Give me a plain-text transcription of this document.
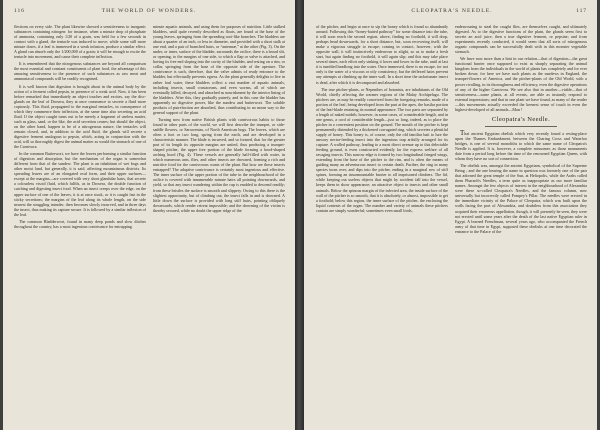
116	THE WORLD OF WONDERS.

flections on every side. The plant likewise showed a sensitiveness to inorganic substances containing nitrogen: for instance, when a minute drop of phosphate of ammonia, containing only 1/20 of a grain, was held for a few seconds in contact with a gland, the tentacle was induced to move; while some still more minute doses, if a leaf is immersed in a weak infusion, produce a similar effect. A gland can absorb only the 1/200,000 of a grain; it will be enough to excite the tentacle into movement, and cause their complete inflection.

It is remembered that the nitrogenous substances are beyond all comparison the most essential and constant constituents of plant food, the advantage of this amazing sensitiveness to the presence of such substances as raw meat and ammoniacal compounds will be readily recognised.

It is well known that digestion is brought about in the animal body by the action of a ferment called pepsin, in presence of a weak acid. Now, it has been before remarked that immediately an object touches and excites, say the disc-glands on the leaf of Drosera, they at once commence to secrete a fluid more copiously. This fluid, propagated to the marginal tentacles, in consequence of which they commence their inflection, at the same time also secreting an acid fluid. If the object caught turns out to be merely a fragment of useless matter, such as glass, sand, or the like, the acid secretion ceases; but should the object, on the other hand, happen to be of a nitrogenous nature, the tentacles will remain closed, and, in addition to the acid fluid, the glands will secrete a digestive ferment analogous to pepsin, which, acting in conjunction with the acid, will so thoroughly digest the animal matter as would the stomach of one of the Carnivora.

In the common Butterwort, we have the leaves performing a similar function of digestion and absorption, but the mechanism of the organ is somewhat different from that of the sundew. The plant is an inhabitant of wet bogs and other moist land, but generally, it is said, affecting mountainous districts. Its spreading leaves are of an elongated oval form, and their upper surfaces—except at the margins—are covered with very short glandular hairs, that secrete a colourless viscid fluid, which fulfils, as in Drosera, the double function of catching and digesting insect food. When an insect creeps over the edge, on the upper surface of one of the leaves, it is at once stuck, or it is caught fast in the sticky secretions; the margins of the leaf along its whole length, on the side nearest the struggling intruder, then becomes slowly incurved, and in three days the insect, thus making its capture secure. It is followed by a similar inflexion of the leaf.

The common Bladderwort, found in many deep ponds and slow ditches throughout the country, has a most ingenious contrivance for entrapping

minute aquatic animals, and using them for purposes of nutrition. Little stalked bladders, until quite recently described as floats, are found at the base of the young leaves, springing from the spreading root-like branches. The bladders are about a quarter of an inch, or less in diameter, and provided with a short stalk at one end, and a pair of branched hairs, or “antennæ,” at the other (Fig. 3). On the under, or inner, surface of the bladder, surrounds the orifice, there is a broad slit, or opening, to the margins of one side, to which a flap or valve is attached, and having its free end sloping into the cavity of the bladder, and resting on a rim, or collar, springing from the base of the opposite side of the aperture. The contrivance is such, therefore, that the valve admits of ready entrance to the bladder, but effectually prevents egress. As the plant generally delights to live in rather foul water, these bladders collect a vast number of aquatic animals, including insects, small crustaceans, and even worms, all of which are eventually killed, decayed, and absorbed as nourishment by the interior lining of the bladders. After this, they gradually putrefy, and in this case the bladder has apparently no digestive power, like the sundew and butterwort. The soluble products of putrefaction are absorbed, thus contributing in no mean way to the general support of the plant.

Turning now from native British plants with carnivorous habits to those found in other parts of the world, we will first describe the trumpet, or side-saddle flowers, or Sarracenias, of North American bogs. The leaves, which are often a foot or two long, spring from the earth, and are developed in a characteristic manner. The blade is incurved, and so formed, that for the greater part of its length its opposite margins are united, thus producing a trumpet-shaped pitcher, the upper free portion of the blade forming a hood-shaped arching hood (Fig. 4). These vessels are generally half-filled with water, in which numerous ants, flies, and other insects are drowned, forming a rich and nutritive food for the carnivorous wants of the plant. But how are these insects entrapped? The adaptive contrivance is certainly most ingenious and effective. The inner surface of the upper portion of the tube in the neighbourhood of the orifice is covered with innumerable minute hairs all pointing downwards, and yield, so that any insect wandering within the cup is enabled to descend readily; from these bristles the surface is smooth and slippery. Owing to this there is the slightest opportunity, but of climbing out, the insect falls in and is drowned. A little down the surface is provided with long stiff hairs, pointing obliquely downwards, which render retreat impossible; and the drowning of the victim is thereby secured, while no doubt the upper ridge of the

CLEOPATRA'S NEEDLE.	117

of the pitcher, and begin at once to sip the honey which is found so abundantly around. Following this “honey-baited pathway” for some distance into the tube, it will soon reach the second region, above, finding no foothold, it will drop, perhaps head downwards, for a short distance, but, soon recovering itself, will make a vigorous struggle to escape; coming in contact, however, with the opposite wall, it will instinctively endeavour to alight, so as to make a fresh start, but again finding no foothold, it will again slip; and this may take place several times, each effort only sinking it lower and lower in the tube, until at last it is tumbled headlong into the water. Once immersed, there is no escape, for not only is the water of a viscous or oily consistency, but the deflexed hairs prevent any attempts at climbing up the inner wall. In a short time the unfortunate insect is dead, after which it is decomposed and absorbed.

The true pitcher-plants, or Nepenthes of botanists, are inhabitants of the Old World, chiefly affecting the warmer regions of the Malay Archipelago. The pitchers are, as may be readily conceived from the foregoing remarks, made of a portion of the leaf, being developed from the part at the apex, the basilar portion of the leaf-blade retaining its normal appearance. The two parts are separated by a length of naked midrib, however, in some cases, of considerable length, and in one genus, a cord of considerable length—just so long, indeed, as to place the pitcher in a convenient position on the ground. The mouth of the pitcher is kept permanently distended by a thickened corrugated ring, which secretes a plentiful supply of honey. This honey is, of course, only the old familiar bait to lure the unwary nectar-feeding insect into the ingenious trap artfully arranged for its capture. A walled pathway, leading to a most direct avenue up to this delectable feeding ground, is even constructed evidently for the express welfare of all ravaging insects. This narrow edge is formed by two longitudinal fringed wings, extending from the base of the pitcher to the rim, and is often the means of guiding many an adventurous insect to certain death. Further, the ring in many species turns over, and dips into the pitcher, ending in a marginal row of stiff spines, forming an insurmountable barrier to all imprisoned climbers. The lid, while keeping out useless objects that might by accident fall into the vessel, keeps them in show appearance; an attractive object to insects and other small animals. Below the spinous margin of the infected area, the inside surface of the wall of the pitcher is so smooth, that it is absolutely, or almost, impossible to get a foothold; below this region, the inner surface of the pitcher, the enclosing the liquid contents of the organ. The number and variety of animals these pitchers contain are simply wonderful; sometimes even small birds,

endeavouring to steal the caught flies, are themselves caught, and ultimately digested. As to the digestive functions of the plant, the glands seem first to secrete an acid juice, then a true digestive ferment, or pepsine; and from experiments recently conducted, it would seem that all sorts of nitrogenous organic compounds can be successfully dealt with in this monster vegetable stomach.

We have now more than a hint in our relation—that of digestion—the great functional barrier once supposed to exist as sharply separating the animal kingdom from the individuals in the world of plants has completely and for ever broken down; for here we have such plants as the sundews in England, the trumpet-flowers of America, and the pitcher-plants of the Old World, with a power rivalling, in its thoroughness and efficiency, even the digestive operations of any of the higher Carnivora. We see also that in another—viable—that of sensitiveness—some plants, at all events, are able as instantly respond to external impressions; and that in one plant we have found, as many of the reader—this movements actually exceeded the keenest sense of touch in even the highest-developed of all animals—Man !

Cleopatra's Needle.

That ancient Egyptian obelisk which very recently found a resting-place upon the Thames Embankment, between the Charing Cross and Waterloo bridges, is one of several monoliths to which the same name of Cleopatra's Needle is applied. It is, however, a complete misnomer, as those monuments date from a period long before the time of the renowned Egyptian Queen, with whom they have no sort of connection.

The obelisk was, amongst the ancient Egyptians, symbolical of the Supreme Being ; and the one bearing the name in question was formerly one of the pair that adorned the great temple of the Sun, at Heliopolis, while the Arabs called them Pharaoh's Needles, a term quite as inappropriate as our more familiar names. Amongst the few objects of interest in the neighbourhood of Alexandria were these so-called Cleopatra's Needles, and the famous column, now universally but incorrectly called Pompey's Pillar. The needles were erected in the immediate vicinity of the Palace of Cleopatra, which was built upon the walls facing the port of Alexandria, and doubtless from this association they acquired their erroneous appellation, though, it will presently be seen, they were not erected until some years after the death of the last native Egyptian ruler in Egypt. A learned Frenchman, several years ago, who accompanied the French army of that time in Egypt, supposed these obelisks at one time decorated the entrance to the Palace of the
